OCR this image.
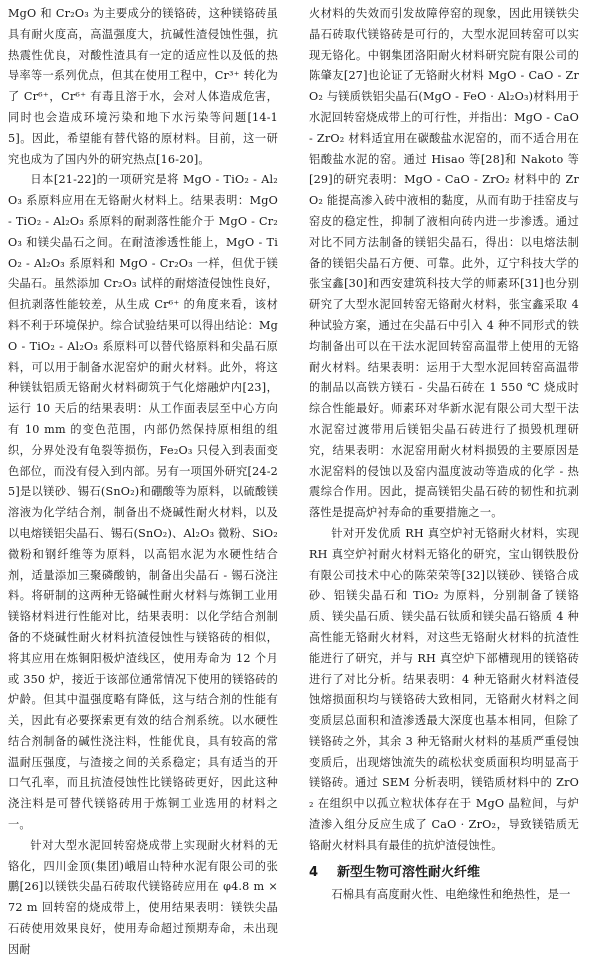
MgO 和 Cr₂O₃ 为主要成分的镁铬砖，这种镁铬砖虽具有耐火度高，高温强度大，抗碱性渣侵蚀性强，抗热震性优良，对酸性渣具有一定的适应性以及低的热导率等一系列优点，但其在使用工程中，Cr³⁺ 转化为了 Cr⁶⁺，Cr⁶⁺ 有毒且溶于水，会对人体造成危害，同时也会造成环境污染和地下水污染等问题[14-15]。因此，希望能有替代铬的原材料。目前，这一研究也成为了国内外的研究热点[16-20]。

日本[21-22]的一项研究是将 MgO - TiO₂ - Al₂O₃ 系原料应用在无铬耐火材料上。结果表明：MgO - TiO₂ - Al₂O₃ 系原料的耐剥落性能介于 MgO - Cr₂O₃ 和镁尖晶石之间。在耐渣渗透性能上，MgO - TiO₂ - Al₂O₃ 系原料和 MgO - Cr₂O₃ 一样，但优于镁尖晶石。虽然添加 Cr₂O₃ 试样的耐熔渣侵蚀性良好，但抗剥落性能较差，从生成 Cr⁶⁺ 的角度来看，该材料不利于环境保护。综合试验结果可以得出结论：MgO - TiO₂ - Al₂O₃ 系原料可以替代铬原料和尖晶石原料，可以用于制备水泥窑炉的耐火材料。此外，将这种镁钛铝质无铬耐火材料砌筑于气化熔融炉内[23]，运行 10 天后的结果表明：从工作面表层至中心方向有 10 mm 的变色范围，内部仍然保持原相组的组织，分界处没有龟裂等损伤，Fe₂O₃ 只侵入到表面变色部位，而没有侵入到内部。另有一项国外研究[24-25]是以镁砂、锡石(SnO₂)和硼酸等为原料，以硫酸镁溶液为化学结合剂，制备出不烧碱性耐火材料，以及以电熔镁铝尖晶石、锡石(SnO₂)、Al₂O₃ 微粉、SiO₂ 微粉和钢纤维等为原料，以高铝水泥为水硬性结合剂，适量添加三聚磷酸钠，制备出尖晶石 - 锡石浇注料。将研制的这两种无铬碱性耐火材料与炼铜工业用镁铬材料进行性能对比，结果表明：以化学结合剂制备的不烧碱性耐火材料抗渣侵蚀性与镁铬砖的相似，将其应用在炼铜阳极炉渣线区，使用寿命为 12 个月或 350 炉，接近于该部位通常情况下使用的镁铬砖的炉龄。但其中温强度略有降低，这与结合剂的性能有关，因此有必要探索更有效的结合剂系统。以水硬性结合剂制备的碱性浇注料，性能优良，具有较高的常温耐压强度，与渣接之间的关系稳定；具有适当的开口气孔率，而且抗渣侵蚀性比镁铬砖更好，因此这种浇注料是可替代镁铬砖用于炼铜工业选用的材料之一。

针对大型水泥回转窑烧成带上实现耐火材料的无铬化，四川金顶(集团)峨眉山特种水泥有限公司的张鹏[26]以镁铁尖晶石砖取代镁铬砖应用在 φ4.8 m × 72 m 回转窑的烧成带上，使用结果表明：镁铁尖晶石砖使用效果良好，使用寿命超过预期寿命，未出现因耐

火材料的失效而引发故障停窑的现象，因此用镁铁尖晶石砖取代镁铬砖是可行的，大型水泥回转窑可以实现无铬化。中钢集团洛阳耐火材料研究院有限公司的陈肇友[27]也论证了无铬耐火材料 MgO - CaO - ZrO₂ 与镁质铁铝尖晶石(MgO - FeO · Al₂O₃)材料用于水泥回转窑烧成带上的可行性，并指出：MgO - CaO - ZrO₂ 材料适宜用在碳酸盐水泥窑的，而不适合用在铝酸盐水泥的窑。通过 Hisao 等[28]和 Nakoto 等[29]的研究表明：MgO - CaO - ZrO₂ 材料中的 ZrO₂ 能提高渗入砖中液相的黏度，从而有助于挂窑皮与窑皮的稳定性，抑制了液相向砖内进一步渗透。通过对比不同方法制备的镁铝尖晶石，得出：以电熔法制备的镁铝尖晶石方便、可靠。此外，辽宁科技大学的张宝鑫[30]和西安建筑科技大学的师素环[31]也分别研究了大型水泥回转窑无铬耐火材料，张宝鑫采取 4 种试验方案，通过在尖晶石中引入 4 种不同形式的铁均制备出可以在干法水泥回转窑高温带上使用的无铬耐火材料。结果表明：运用于大型水泥回转窑高温带的制品以高铁方镁石 - 尖晶石砖在 1 550 ℃ 烧成时综合性能最好。师素环对华新水泥有限公司大型干法水泥窑过渡带用后镁铝尖晶石砖进行了损毁机理研究，结果表明：水泥窑用耐火材料损毁的主要原因是水泥窑料的侵蚀以及窑内温度波动等造成的化学 - 热震综合作用。因此，提高镁铝尖晶石砖的韧性和抗剥落性是提高炉衬寿命的重要措施之一。

针对开发优质 RH 真空炉衬无铬耐火材料，实现 RH 真空炉衬耐火材料无铬化的研究，宝山钢铁股份有限公司技术中心的陈荣荣等[32]以镁砂、镁铬合成砂、铝镁尖晶石和 TiO₂ 为原料，分别制备了镁铬质、镁尖晶石质、镁尖晶石钛质和镁尖晶石铬质 4 种高性能无铬耐火材料，对这些无铬耐火材料的抗渣性能进行了研究，并与 RH 真空炉下部槽现用的镁铬砖进行了对比分析。结果表明：4 种无铬耐火材料渣侵蚀熔损面积均与镁铬砖大致相同，无铬耐火材料之间变质层总面积和渣渗透最大深度也基本相同，但除了镁铬砖之外，其余 3 种无铬耐火材料的基质严重侵蚀变质后，出现熔蚀流失的疏松状变质面积均明显高于镁铬砖。通过 SEM 分析表明，镁锆质材料中的 ZrO₂ 在组织中以孤立粒状体存在于 MgO 晶粒间，与炉渣渗入组分反应生成了 CaO · ZrO₂，导致镁锆质无铬耐火材料具有最佳的抗炉渣侵蚀性。

4 新型生物可溶性耐火纤维

石棉具有高度耐火性、电绝缘性和绝热性，是一
